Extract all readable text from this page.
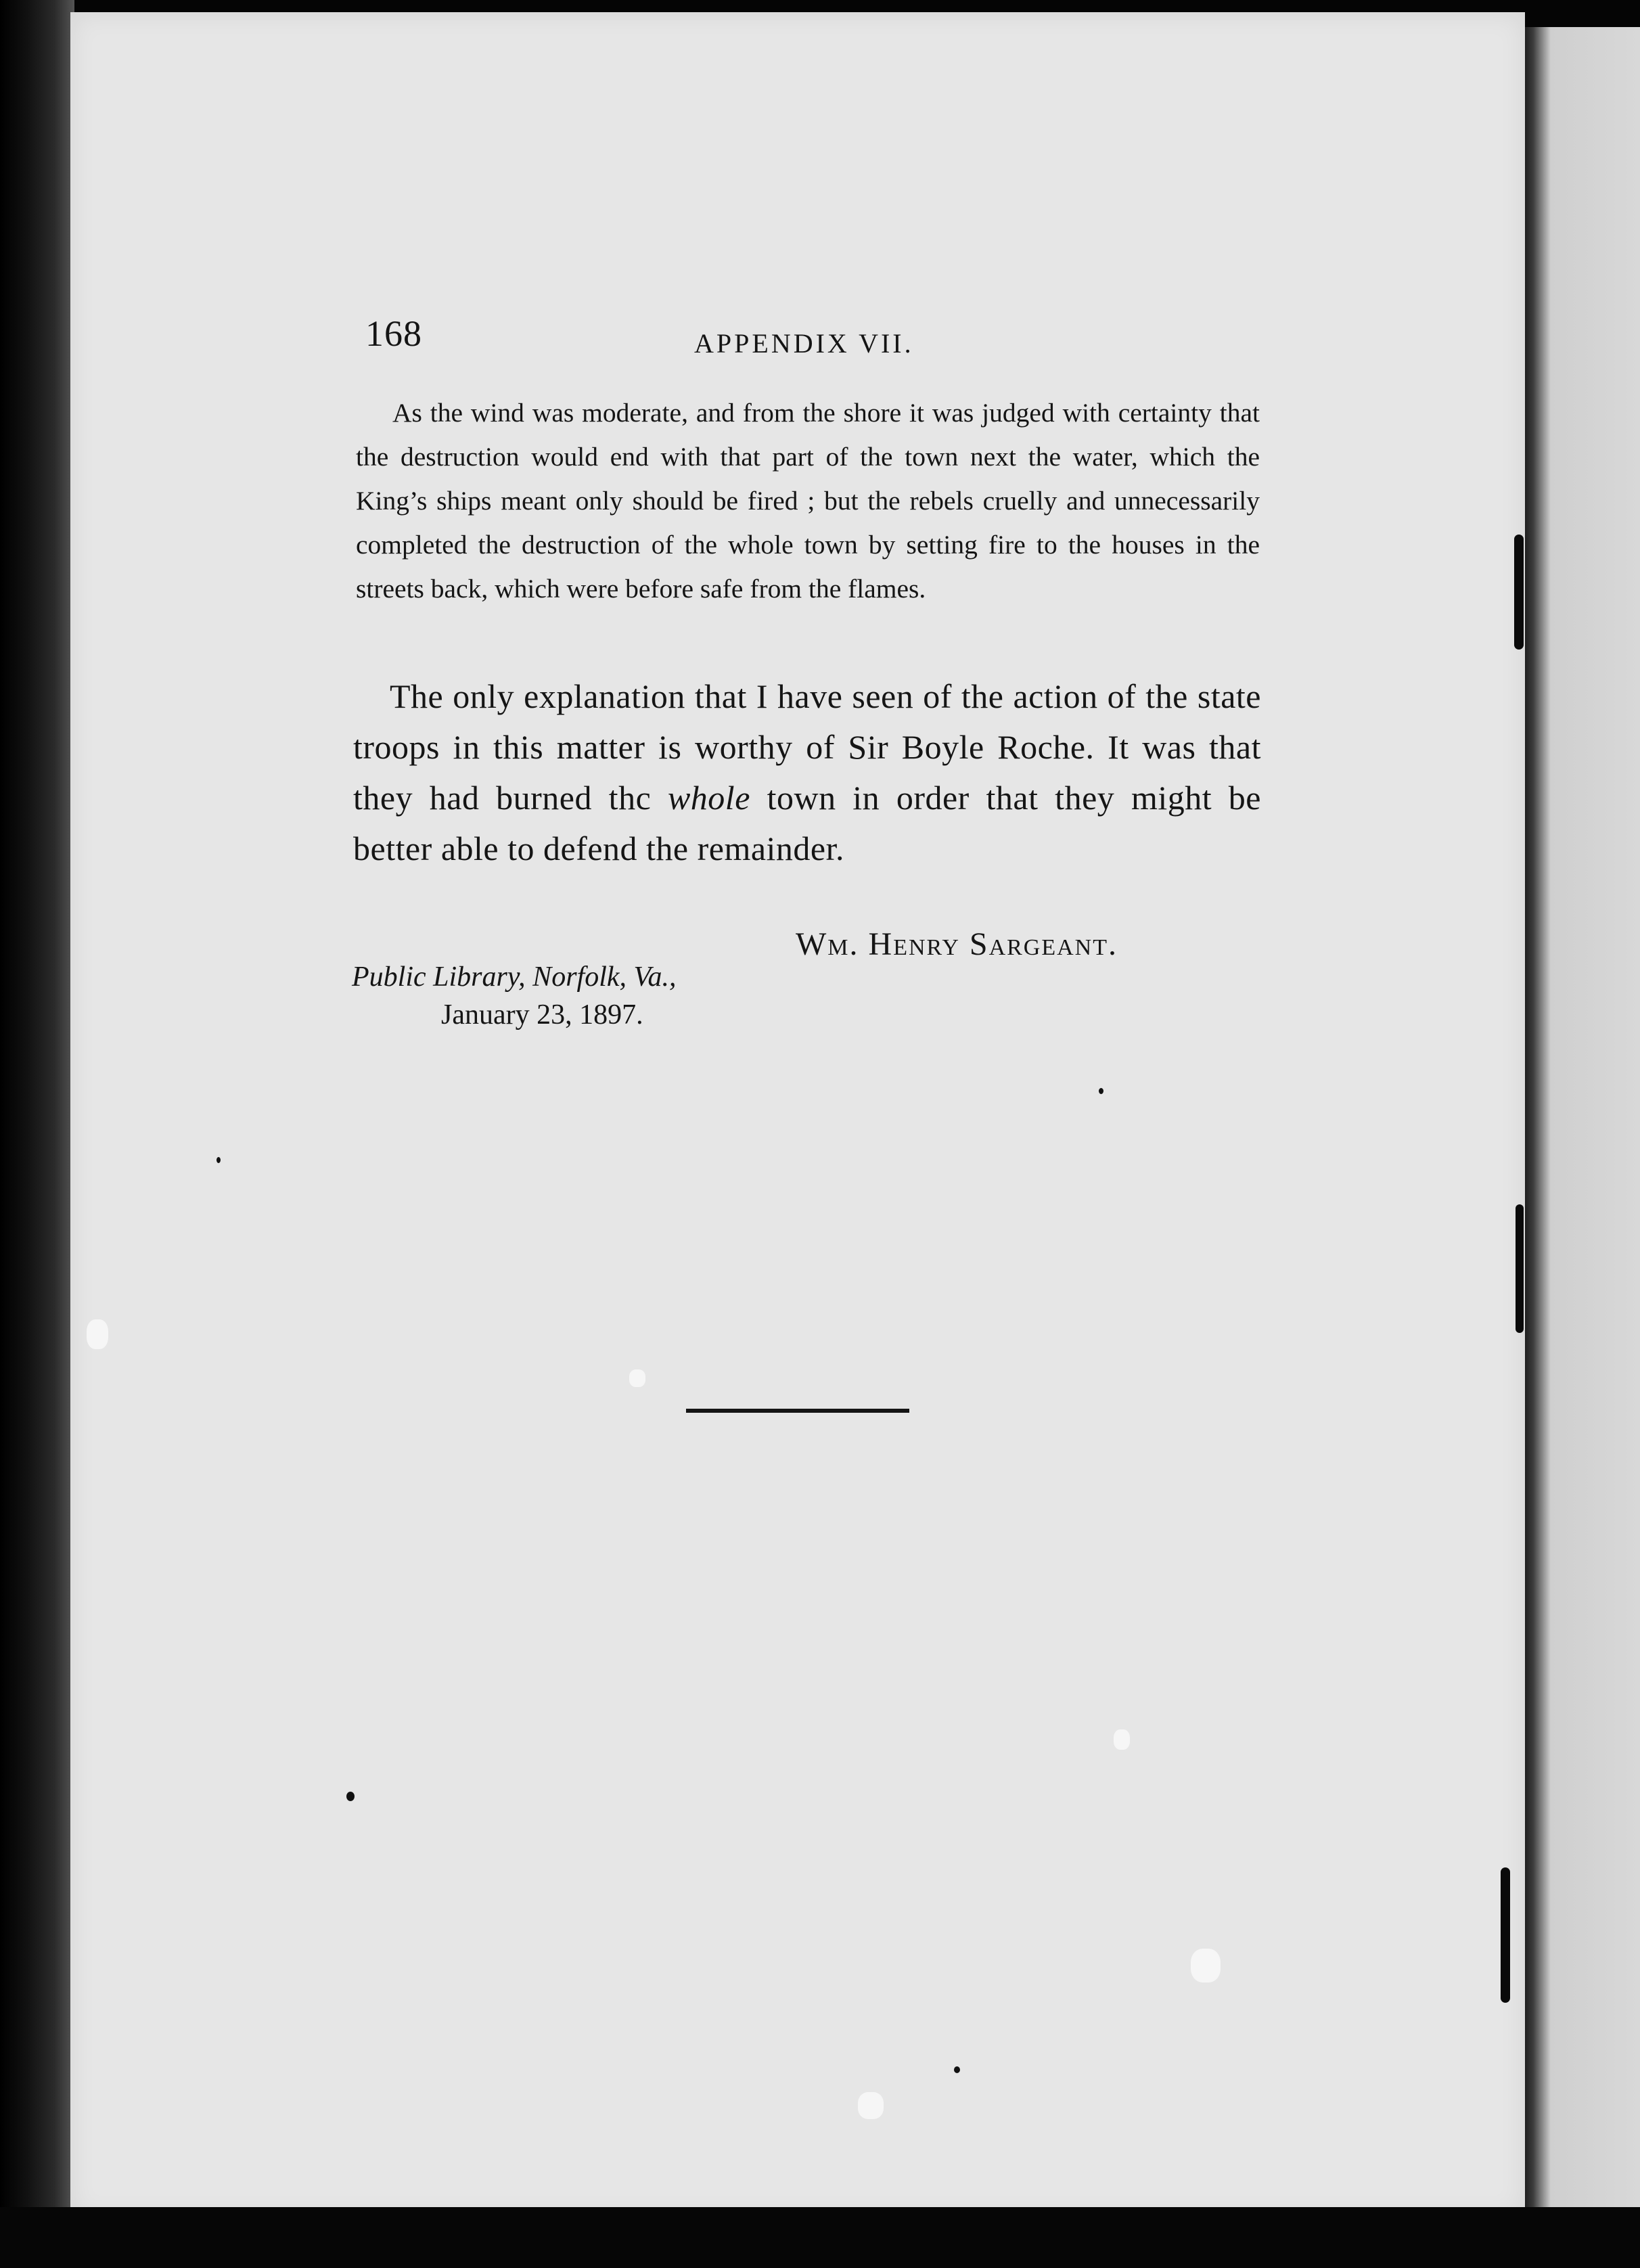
168	APPENDIX VII.

As the wind was moderate, and from the shore it was judged with certainty that the destruction would end with that part of the town next the water, which the King’s ships meant only should be fired ; but the rebels cruelly and unnecessarily completed the destruction of the whole town by setting fire to the houses in the streets back, which were before safe from the flames.

The only explanation that I have seen of the action of the state troops in this matter is worthy of Sir Boyle Roche. It was that they had burned thc whole town in order that they might be better able to defend the remainder.

Wm. Henry Sargeant.
Public Library, Norfolk, Va.,
January 23, 1897.
